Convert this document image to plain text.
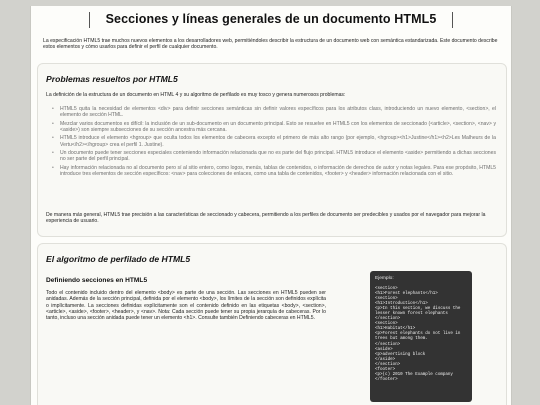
Secciones y líneas generales de un documento HTML5

La especificación HTML5 trae muchos nuevos elementos a los desarrolladores web, permitiéndoles describir la estructura de un documento web con semántica estandarizada. Este documento describe estos elementos y cómo usarlos para definir el perfil de cualquier documento.

Problemas resueltos por HTML5

La definición de la estructura de un documento en HTML 4 y su algoritmo de perfilado es muy tosco y genera numerosos problemas:

• HTML5 quita la necesidad de elementos <div> para definir secciones semánticas sin definir valores específicos para los atributos class, introduciendo un nuevo elemento, <section>, el elemento de sección HTML.
• Mezclar varios documentos es difícil: la inclusión de un sub-documento en un documento principal. Esto se resuelve en HTML5 con los elementos de seccionado (<article>, <section>, <nav> y <aside>) son siempre subsecciones de su sección ancestra más cercana.
• HTML5 introduce el elemento <hgroup> que ocultа todos los elementos de cabecera excepto el primero de más alto rango (por ejemplo, <hgroup><h1>Justine</h1><h2>Les Malheurs de la Vertu</h2></hgroup> crea el perfil 1. Justine).
• Un documento puede tener secciones especiales conteniendo información relacionada que no es parte del flujo principal. HTML5 introduce el elemento <aside> permitiendo a dichas secciones no ser parte del perfil principal.
• Hay información relacionada no al documento pero sí al sitio entero, como logos, menús, tablas de contenidos, o información de derechos de autor y notas legales. Para ese propósito, HTML5 introduce tres elementos de sección específicos: <nav> para colecciones de enlaces, como una tabla de contenidos, <footer> y <header> información relacionada con el sitio.

De manera más general, HTML5 trae precisión a las características de seccionado y cabecera, permitiendo a los perfiles de documento ser predecibles y usados por el navegador para mejorar la experiencia de usuario.

El algoritmo de perfilado de HTML5
Definiendo secciones en HTML5

Todo el contenido incluido dentro del elemento <body> es parte de una sección. Las secciones en HTML5 pueden ser anidadas. Además de la sección principal, definida por el elemento <body>, los límites de la sección son definidos explícita o implícitamente. La secciones definidas explícitamente son el contenido definido en las etiquetas <body>, <section>, <article>, <aside>, <footer>, <header>, y <nav>. Nota: Cada sección puede tener su propia jerarquía de cabeceras. Por lo tanto, incluso una sección anidada puede tener un elemento <h1>. Consulte también Definiendo cabeceras en HTML5.

Ejemplo:
<section>
<h1>Forest elephants</h1>
<section>
<h1>Introduction</h1>
<p>In this section, we discuss the lesser known forest elephants
</section>
<section>
<h1>Habitat</h1>
<p>Forest elephants do not live in trees but among them.
</section>
<aside>
<p>advertising block
</aside>
</section>
<footer>
<p>(c) 2010 The Example company
</footer>
